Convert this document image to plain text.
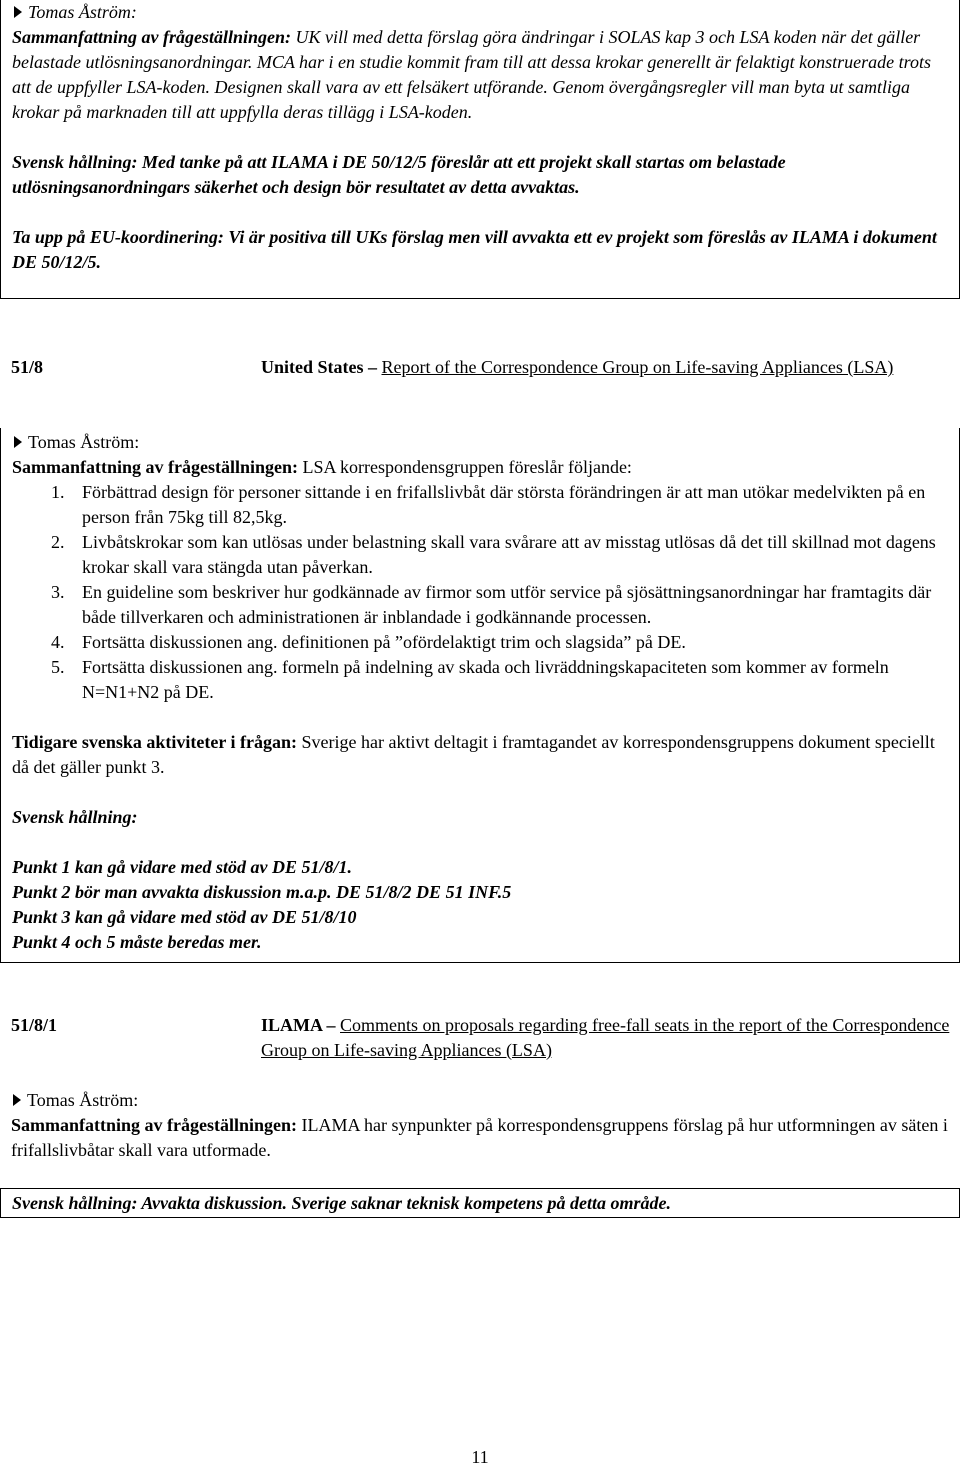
Tomas Åström:

Sammanfattning av frågeställningen: UK vill med detta förslag göra ändringar i SOLAS kap 3 och LSA koden när det gäller belastade utlösningsanordningar. MCA har i en studie kommit fram till att dessa krokar generellt är felaktigt konstruerade trots att de uppfyller LSA-koden. Designen skall vara av ett felsäkert utförande. Genom övergångsregler vill man byta ut samtliga krokar på marknaden till att uppfylla deras tillägg i LSA-koden.

Svensk hållning: Med tanke på att ILAMA i DE 50/12/5 föreslår att ett projekt skall startas om belastade utlösningsanordningars säkerhet och design bör resultatet av detta avvaktas.

Ta upp på EU-koordinering: Vi är positiva till UKs förslag men vill avvakta ett ev projekt som föreslås av ILAMA i dokument DE 50/12/5.

51/8	United States – Report of the Correspondence Group on Life-saving Appliances (LSA)

Tomas Åström:

Sammanfattning av frågeställningen: LSA korrespondensgruppen föreslår följande:

1. Förbättrad design för personer sittande i en frifallslivbåt där största förändringen är att man utökar medelvikten på en person från 75kg till 82,5kg.
2. Livbåtskrokar som kan utlösas under belastning skall vara svårare att av misstag utlösas då det till skillnad mot dagens krokar skall vara stängda utan påverkan.
3. En guideline som beskriver hur godkännade av firmor som utför service på sjösättningsanordningar har framtagits där både tillverkaren och administrationen är inblandade i godkännande processen.
4. Fortsätta diskussionen ang. definitionen på ”ofördelaktigt trim och slagsida” på DE.
5. Fortsätta diskussionen ang. formeln på indelning av skada och livräddningskapaciteten som kommer av formeln N=N1+N2 på DE.

Tidigare svenska aktiviteter i frågan: Sverige har aktivt deltagit i framtagandet av korrespondensgruppens dokument speciellt då det gäller punkt 3.

Svensk hållning:

Punkt 1 kan gå vidare med stöd av DE 51/8/1.

Punkt 2 bör man avvakta diskussion m.a.p. DE 51/8/2 DE 51 INF.5

Punkt 3 kan gå vidare med stöd av DE 51/8/10

Punkt 4 och 5 måste beredas mer.

51/8/1	ILAMA – Comments on proposals regarding free-fall seats in the report of the Correspondence Group on Life-saving Appliances (LSA)

Tomas Åström:

Sammanfattning av frågeställningen: ILAMA har synpunkter på korrespondensgruppens förslag på hur utformningen av säten i frifallslivbåtar skall vara utformade.

Svensk hållning: Avvakta diskussion. Sverige saknar teknisk kompetens på detta område.

11
